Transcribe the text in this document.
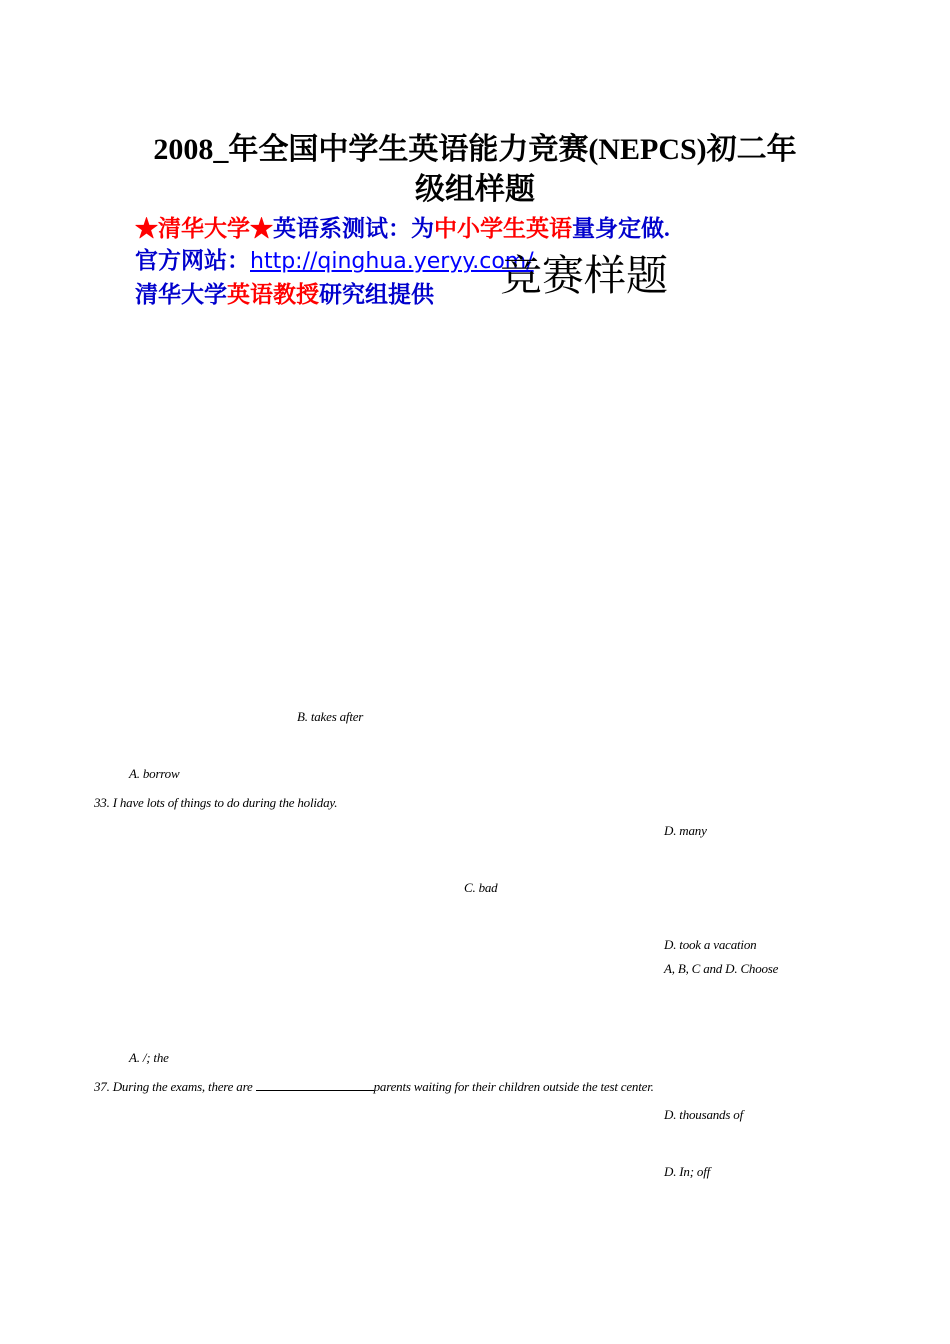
2008_年全国中学生英语能力竞赛(NEPCS)初二年
级组样题
★清华大学★英语系测试：为中小学生英语量身定做.
官方网站：http://qinghua.yeryy.com/
清华大学英语教授研究组提供 竞赛样题
B. takes after
A. borrow
33. I have lots of things to do during the holiday.
D. many
C. bad
D. took a vacation
A, B, C and D. Choose
A. /; the
37. During the exams, there are	parents waiting for their children outside the test center.
D. thousands of
D. In; off
